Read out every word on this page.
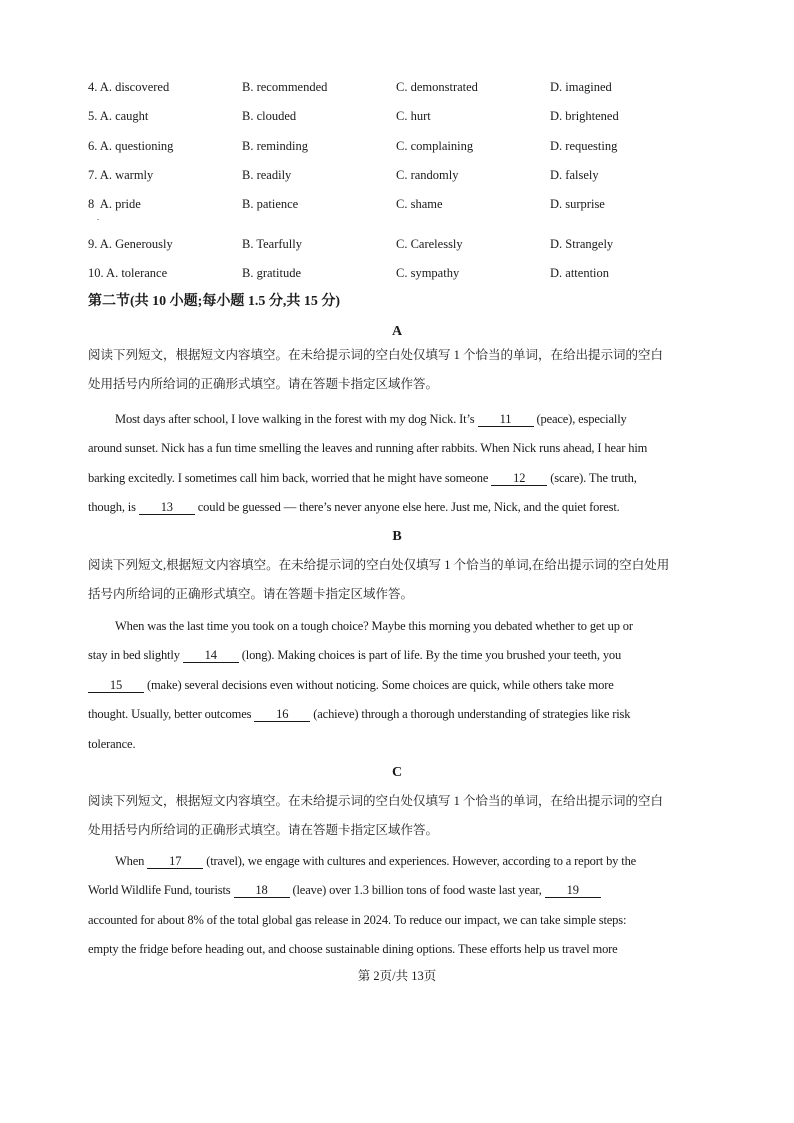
4. A. discovered	B. recommended	C. demonstrated	D. imagined
5. A. caught	B. clouded	C. hurt	D. brightened
6. A. questioning	B. reminding	C. complaining	D. requesting
7. A. warmly	B. readily	C. randomly	D. falsely
8  A. pride	B. patience	C. shame	D. surprise
.
9. A. Generously	B. Tearfully	C. Carelessly	D. Strangely
10. A. tolerance	B. gratitude	C. sympathy	D. attention
第二节(共 10 小题;每小题 1.5 分,共 15 分)
A
阅读下列短文，根据短文内容填空。在未给提示词的空白处仅填写 1 个恰当的单词，在给出提示词的空白
处用括号内所给词的正确形式填空。请在答题卡指定区域作答。
Most days after school, I love walking in the forest with my dog Nick. It’s 11 (peace), especially
around sunset. Nick has a fun time smelling the leaves and running after rabbits. When Nick runs ahead, I hear him
barking excitedly. I sometimes call him back, worried that he might have someone 12 (scare). The truth,
though, is 13 could be guessed — there’s never anyone else here. Just me, Nick, and the quiet forest.
B
阅读下列短文,根据短文内容填空。在未给提示词的空白处仅填写 1 个恰当的单词,在给出提示词的空白处用
括号内所给词的正确形式填空。请在答题卡指定区域作答。
When was the last time you took on a tough choice? Maybe this morning you debated whether to get up or
stay in bed slightly 14 (long). Making choices is part of life. By the time you brushed your teeth, you
15 (make) several decisions even without noticing. Some choices are quick, while others take more
thought. Usually, better outcomes 16 (achieve) through a thorough understanding of strategies like risk
tolerance.
C
阅读下列短文，根据短文内容填空。在未给提示词的空白处仅填写 1 个恰当的单词，在给出提示词的空白
处用括号内所给词的正确形式填空。请在答题卡指定区域作答。
When 17 (travel), we engage with cultures and experiences. However, according to a report by the
World Wildlife Fund, tourists 18 (leave) over 1.3 billion tons of food waste last year, 19
accounted for about 8% of the total global gas release in 2024. To reduce our impact, we can take simple steps:
empty the fridge before heading out, and choose sustainable dining options. These efforts help us travel more
第 2页/共 13页
